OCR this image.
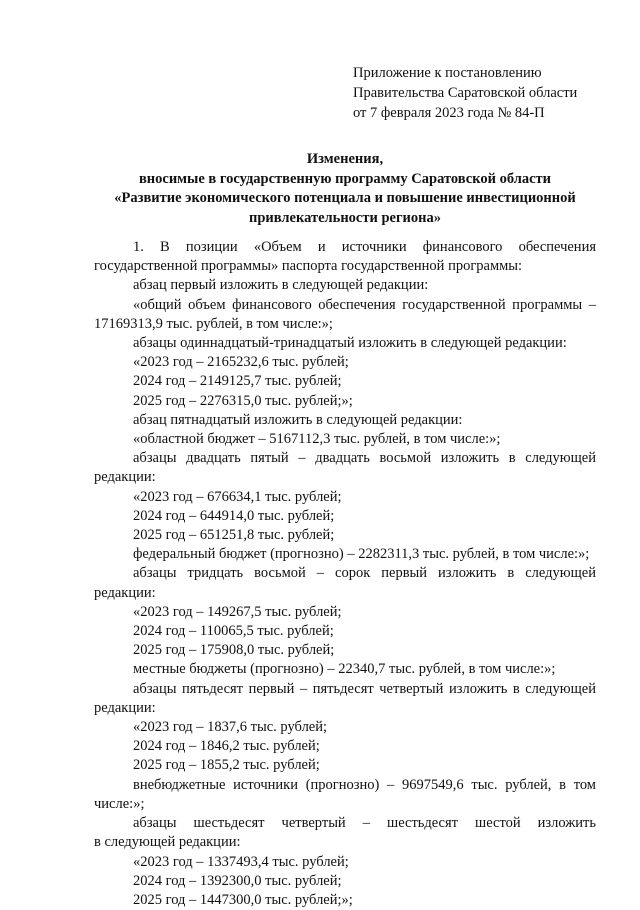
Приложение к постановлению
Правительства Саратовской области
от 7 февраля 2023 года № 84-П
Изменения,
вносимые в государственную программу Саратовской области
«Развитие экономического потенциала и повышение инвестиционной
привлекательности региона»
1. В позиции «Объем и источники финансового обеспечения
государственной программы» паспорта государственной программы:
абзац первый изложить в следующей редакции:
«общий объем финансового обеспечения государственной программы –
17169313,9 тыс. рублей, в том числе:»;
абзацы одиннадцатый-тринадцатый изложить в следующей редакции:
«2023 год – 2165232,6 тыс. рублей;
2024 год – 2149125,7 тыс. рублей;
2025 год – 2276315,0 тыс. рублей;»;
абзац пятнадцатый изложить в следующей редакции:
«областной бюджет – 5167112,3 тыс. рублей, в том числе:»;
абзацы двадцать пятый – двадцать восьмой изложить в следующей
редакции:
«2023 год – 676634,1 тыс. рублей;
2024 год – 644914,0 тыс. рублей;
2025 год – 651251,8 тыс. рублей;
федеральный бюджет (прогнозно) – 2282311,3 тыс. рублей, в том числе:»;
абзацы тридцать восьмой – сорок первый изложить в следующей
редакции:
«2023 год – 149267,5 тыс. рублей;
2024 год – 110065,5 тыс. рублей;
2025 год – 175908,0 тыс. рублей;
местные бюджеты (прогнозно) – 22340,7 тыс. рублей, в том числе:»;
абзацы пятьдесят первый – пятьдесят четвертый изложить в следующей
редакции:
«2023 год – 1837,6 тыс. рублей;
2024 год – 1846,2 тыс. рублей;
2025 год – 1855,2 тыс. рублей;
внебюджетные источники (прогнозно) – 9697549,6 тыс. рублей, в том
числе:»;
абзацы шестьдесят четвертый – шестьдесят шестой изложить
в следующей редакции:
«2023 год – 1337493,4 тыс. рублей;
2024 год – 1392300,0 тыс. рублей;
2025 год – 1447300,0 тыс. рублей;»;
